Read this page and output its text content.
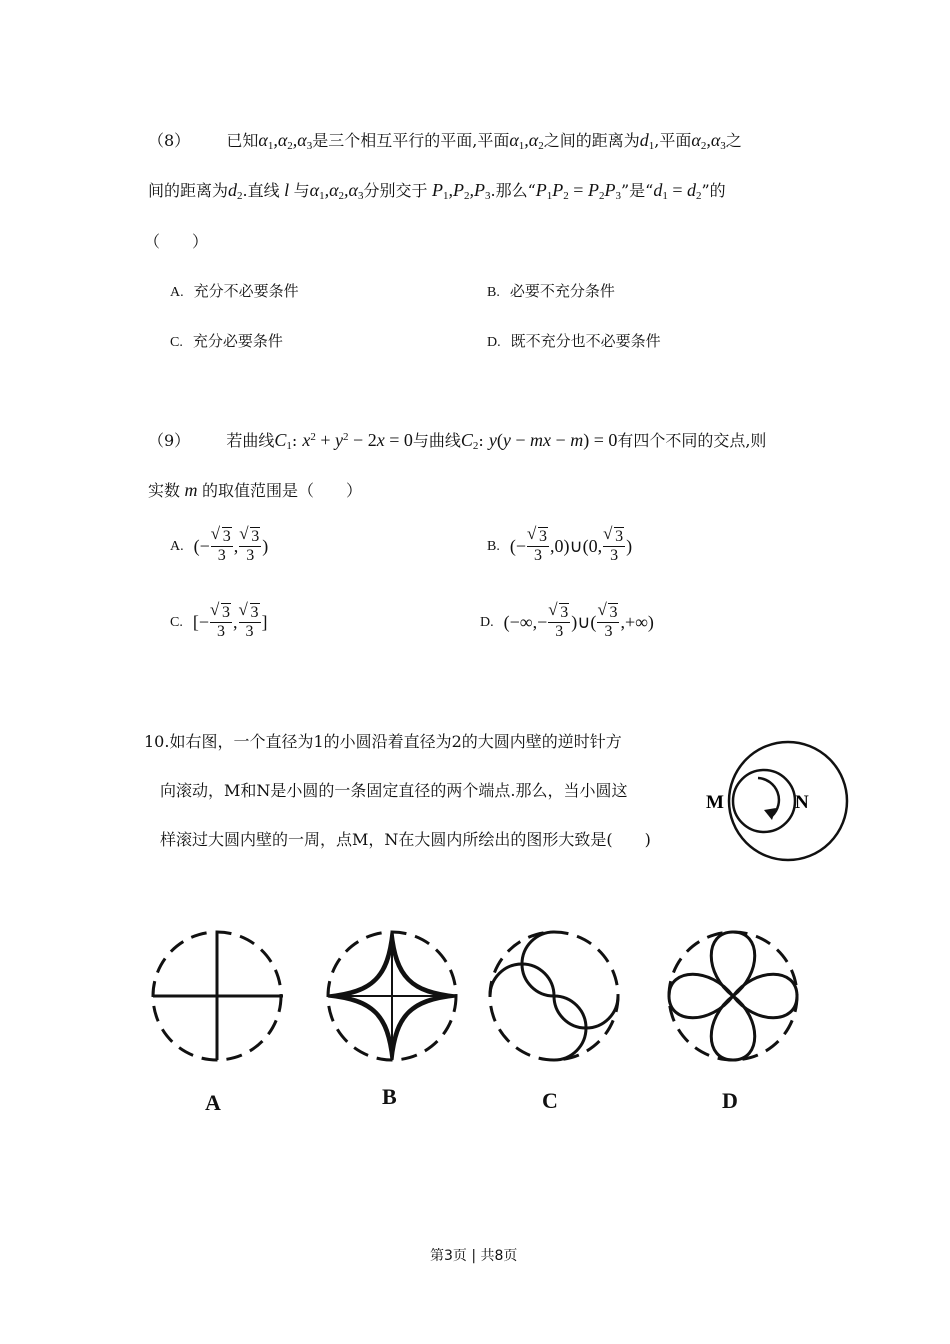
（8） 已知$\alpha_1,\alpha_2,\alpha_3$是三个相互平行的平面,平面$\alpha_1,\alpha_2$之间的距离为$d_1$,平面$\alpha_2,\alpha_3$之
间的距离为$d_2$.直线 l 与$\alpha_1,\alpha_2,\alpha_3$分别交于 $P_1,P_2,P_3$.那么“$P_1P_2 = P_2P_3$”是“$d_1 = d_2$”的
（　　）
A. 充分不必要条件	B. 必要不充分条件
C. 充分必要条件	D. 既不充分也不必要条件
（9） 若曲线$C_1$: $x^2 + y^2 - 2x = 0$与曲线$C_2$: y(y − mx − m) = 0有四个不同的交点,则
实数 m 的取值范围是（　　）
A. (− √ $\frac{3}{3}$ , √ $\frac{3}{3}$ )	B. (− √ $\frac{3}{3}$ ,0)∪(0, √ $\frac{3}{3}$ )
C. [− √ $\frac{3}{3}$ , √ $\frac{3}{3}$ ]	D. (−∞,− √ $\frac{3}{3}$ )∪( √ $\frac{3}{3}$ ,+∞)
10.如右图，一个直径为1的小圆沿着直径为2的大圆内壁的逆时针方
向滚动，M和N是小圆的一条固定直径的两个端点.那么，当小圆这
样滚过大圆内壁的一周，点M，N在大圆内所绘出的图形大致是(　　)
M	N
A	B	C	D
第3页 | 共8页
